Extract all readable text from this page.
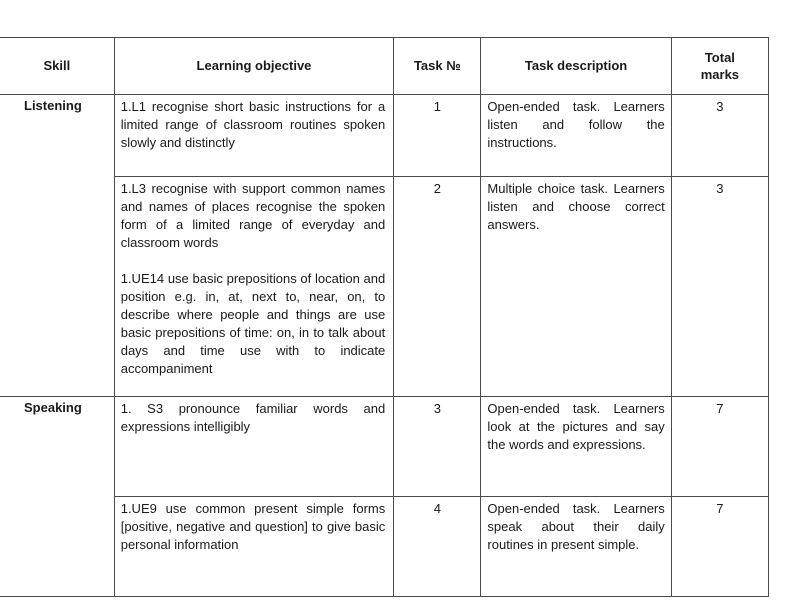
Skill	Learning objective	Task №	Task description	Total
marks

Listening	1.L1 recognise short basic instructions for a limited range of classroom routines spoken slowly and distinctly	1	Open-ended task. Learners listen and follow the instructions.	3

	1.L3 recognise with support common names and names of places recognise the spoken form of a limited range of everyday and classroom words

1.UE14 use basic prepositions of location and position e.g. in, at, next to, near, on, to describe where people and things are use basic prepositions of time: on, in to talk about days and time use with to indicate accompaniment	2	Multiple choice task. Learners listen and choose correct answers.	3
Speaking	1. S3 pronounce familiar words and expressions intelligibly	3	Open-ended task. Learners look at the pictures and say the words and expressions.	7

	1.UE9 use common present simple forms [positive, negative and question] to give basic personal information	4	Open-ended task. Learners speak about their daily routines in present simple.	7
